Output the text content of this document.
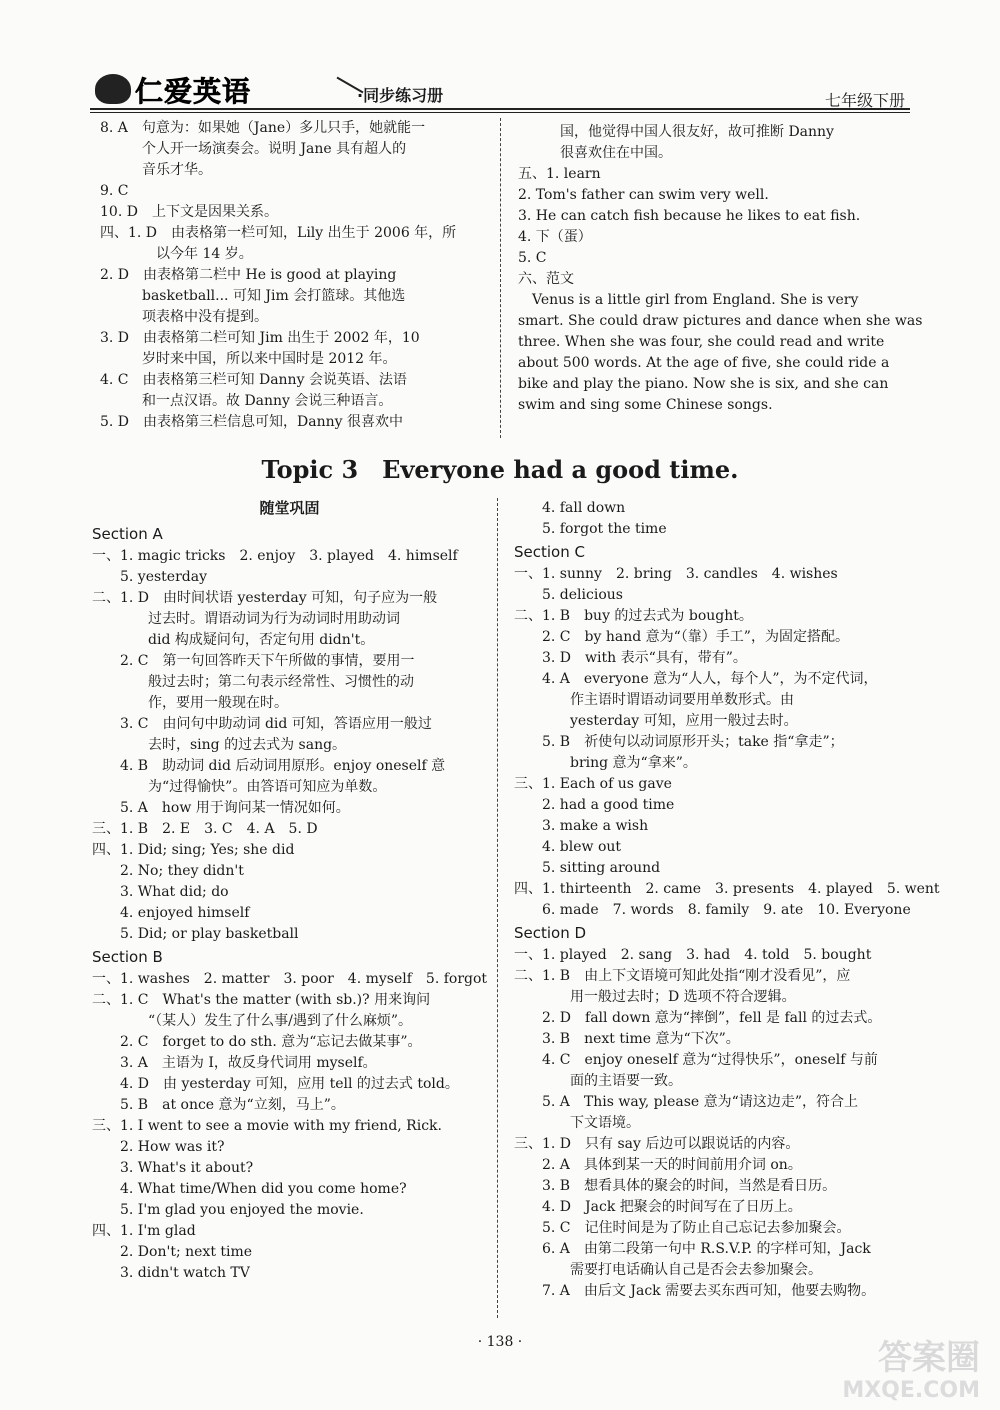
仁爱英语	·同步练习册	七年级下册
8. A　句意为：如果她（Jane）多儿只手，她就能一
　　　个人开一场演奏会。说明 Jane 具有超人的
　　　音乐才华。
9. C
10. D　上下文是因果关系。
四、1. D　由表格第一栏可知，Lily 出生于 2006 年，所
　　　　以今年 14 岁。
2. D　由表格第二栏中 He is good at playing
　　　basketball... 可知 Jim 会打篮球。其他选
　　　项表格中没有提到。
3. D　由表格第二栏可知 Jim 出生于 2002 年，10
　　　岁时来中国，所以来中国时是 2012 年。
4. C　由表格第三栏可知 Danny 会说英语、法语
　　　和一点汉语。故 Danny 会说三种语言。
5. D　由表格第三栏信息可知，Danny 很喜欢中
　　　国，他觉得中国人很友好，故可推断 Danny
　　　很喜欢住在中国。
五、1. learn
2. Tom's father can swim very well.
3. He can catch fish because he likes to eat fish.
4. 下（蛋）
5. C
六、范文
　Venus is a little girl from England. She is very
smart. She could draw pictures and dance when she was
three. When she was four, she could read and write
about 500 words. At the age of five, she could ride a
bike and play the piano. Now she is six, and she can
swim and sing some Chinese songs.
Topic 3　Everyone had a good time.
随堂巩固
Section A
一、1. magic tricks　2. enjoy　3. played　4. himself
　　5. yesterday
二、1. D　由时间状语 yesterday 可知，句子应为一般
　　　　过去时。谓语动词为行为动词时用助动词
　　　　did 构成疑问句，否定句用 didn't。
　　2. C　第一句回答昨天下午所做的事情，要用一
　　　　般过去时；第二句表示经常性、习惯性的动
　　　　作，要用一般现在时。
　　3. C　由问句中助动词 did 可知，答语应用一般过
　　　　去时，sing 的过去式为 sang。
　　4. B　助动词 did 后动词用原形。enjoy oneself 意
　　　　为“过得愉快”。由答语可知应为单数。
　　5. A　how 用于询问某一情况如何。
三、1. B　2. E　3. C　4. A　5. D
四、1. Did; sing; Yes; she did
　　2. No; they didn't
　　3. What did; do
　　4. enjoyed himself
　　5. Did; or play basketball
Section B
一、1. washes　2. matter　3. poor　4. myself　5. forgot
二、1. C　What's the matter (with sb.)? 用来询问
　　　　“（某人）发生了什么事/遇到了什么麻烦”。
　　2. C　forget to do sth. 意为“忘记去做某事”。
　　3. A　主语为 I，故反身代词用 myself。
　　4. D　由 yesterday 可知，应用 tell 的过去式 told。
　　5. B　at once 意为“立刻，马上”。
三、1. I went to see a movie with my friend, Rick.
　　2. How was it?
　　3. What's it about?
　　4. What time/When did you come home?
　　5. I'm glad you enjoyed the movie.
四、1. I'm glad
　　2. Don't; next time
　　3. didn't watch TV
　　4. fall down
　　5. forgot the time
Section C
一、1. sunny　2. bring　3. candles　4. wishes
　　5. delicious
二、1. B　buy 的过去式为 bought。
　　2. C　by hand 意为“（靠）手工”，为固定搭配。
　　3. D　with 表示“具有，带有”。
　　4. A　everyone 意为“人人，每个人”，为不定代词，
　　　　作主语时谓语动词要用单数形式。由
　　　　yesterday 可知，应用一般过去时。
　　5. B　祈使句以动词原形开头；take 指“拿走”；
　　　　bring 意为“拿来”。
三、1. Each of us gave
　　2. had a good time
　　3. make a wish
　　4. blew out
　　5. sitting around
四、1. thirteenth　2. came　3. presents　4. played　5. went
　　6. made　7. words　8. family　9. ate　10. Everyone
Section D
一、1. played　2. sang　3. had　4. told　5. bought
二、1. B　由上下文语境可知此处指“刚才没看见”，应
　　　　用一般过去时；D 选项不符合逻辑。
　　2. D　fall down 意为“摔倒”，fell 是 fall 的过去式。
　　3. B　next time 意为“下次”。
　　4. C　enjoy oneself 意为“过得快乐”，oneself 与前
　　　　面的主语要一致。
　　5. A　This way, please 意为“请这边走”，符合上
　　　　下文语境。
三、1. D　只有 say 后边可以跟说话的内容。
　　2. A　具体到某一天的时间前用介词 on。
　　3. B　想看具体的聚会的时间，当然是看日历。
　　4. D　Jack 把聚会的时间写在了日历上。
　　5. C　记住时间是为了防止自己忘记去参加聚会。
　　6. A　由第二段第一句中 R.S.V.P. 的字样可知，Jack
　　　　需要打电话确认自己是否会去参加聚会。
　　7. A　由后文 Jack 需要去买东西可知，他要去购物。
· 138 ·	答案圈
MXQE.COM
